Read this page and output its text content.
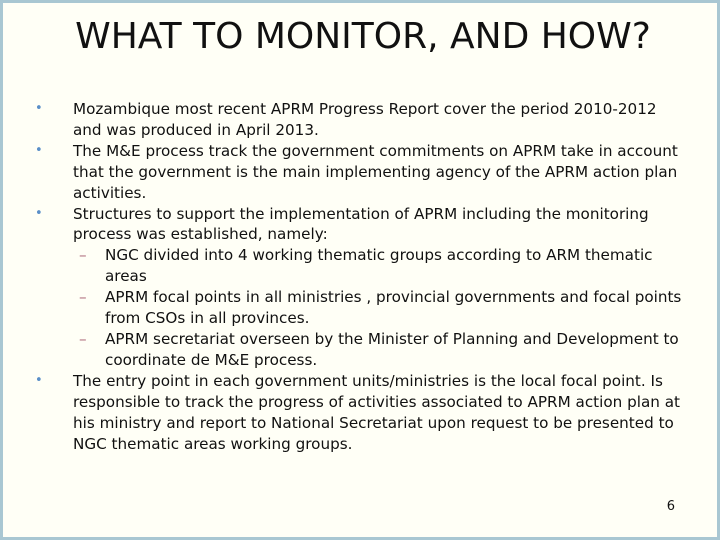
WHAT TO MONITOR, AND HOW?
• Mozambique most recent APRM Progress Report cover the period 2010-2012 and was produced in April 2013.
• The M&E process track the government commitments on APRM take in account that the government is the main implementing agency of the APRM action plan activities.
• Structures to support the implementation of APRM including the monitoring process was established, namely:
– NGC divided into 4 working thematic groups according to ARM thematic areas
– APRM focal points in all ministries , provincial governments and focal points from CSOs in all provinces.
– APRM secretariat overseen by the Minister of Planning and Development to coordinate de M&E process.
• The entry point in each government units/ministries is the local focal point. Is responsible to track the progress of activities associated to APRM action plan at his ministry and report to National Secretariat upon request to be presented to NGC thematic areas working groups.
6
